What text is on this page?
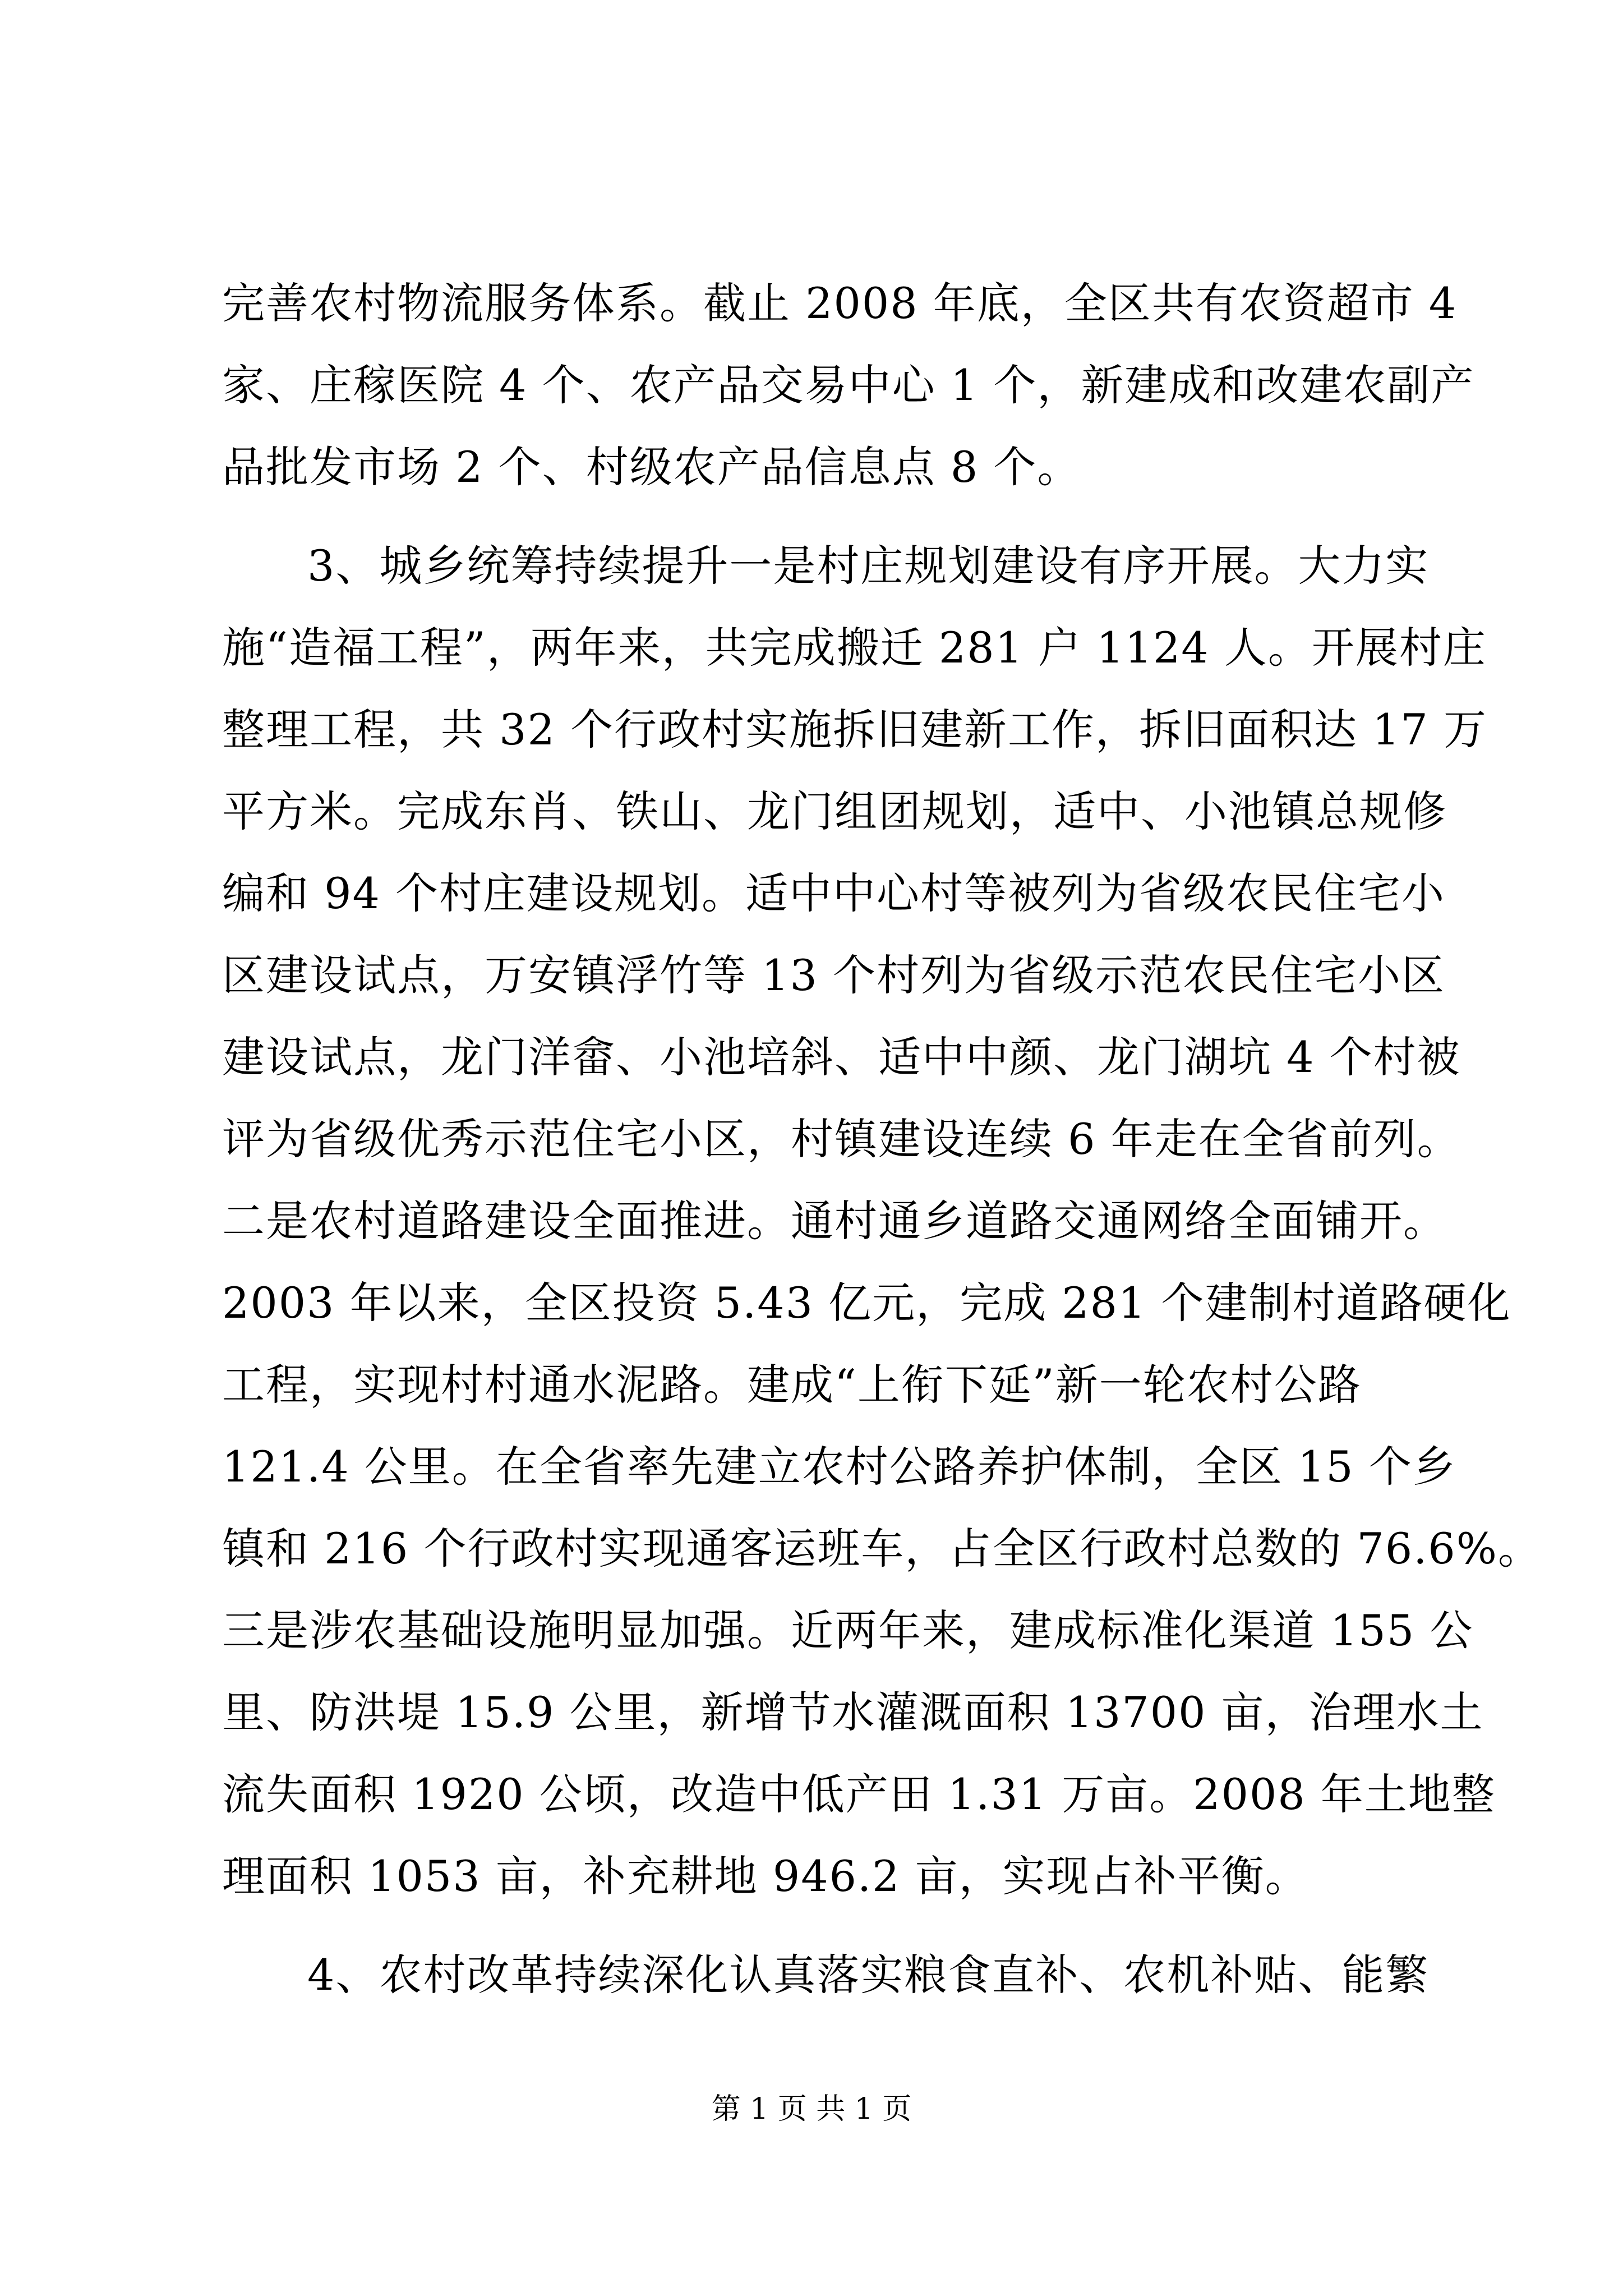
完善农村物流服务体系。截止 2008 年底，全区共有农资超市 4
家、庄稼医院 4 个、农产品交易中心 1 个，新建成和改建农副产
品批发市场 2 个、村级农产品信息点 8 个。
3、城乡统筹持续提升一是村庄规划建设有序开展。大力实
施“造福工程”，两年来，共完成搬迁 281 户 1124 人。开展村庄
整理工程，共 32 个行政村实施拆旧建新工作，拆旧面积达 17 万
平方米。完成东肖、铁山、龙门组团规划，适中、小池镇总规修
编和 94 个村庄建设规划。适中中心村等被列为省级农民住宅小
区建设试点，万安镇浮竹等 13 个村列为省级示范农民住宅小区
建设试点，龙门洋畲、小池培斜、适中中颜、龙门湖坑 4 个村被
评为省级优秀示范住宅小区，村镇建设连续 6 年走在全省前列。
二是农村道路建设全面推进。通村通乡道路交通网络全面铺开。
2003 年以来，全区投资 5.43 亿元，完成 281 个建制村道路硬化
工程，实现村村通水泥路。建成“上衔下延”新一轮农村公路
121.4 公里。在全省率先建立农村公路养护体制，全区 15 个乡
镇和 216 个行政村实现通客运班车，占全区行政村总数的 76.6%。
三是涉农基础设施明显加强。近两年来，建成标准化渠道 155 公
里、防洪堤 15.9 公里，新增节水灌溉面积 13700 亩，治理水土
流失面积 1920 公顷，改造中低产田 1.31 万亩。2008 年土地整
理面积 1053 亩，补充耕地 946.2 亩，实现占补平衡。
4、农村改革持续深化认真落实粮食直补、农机补贴、能繁
第 1 页 共 1 页
